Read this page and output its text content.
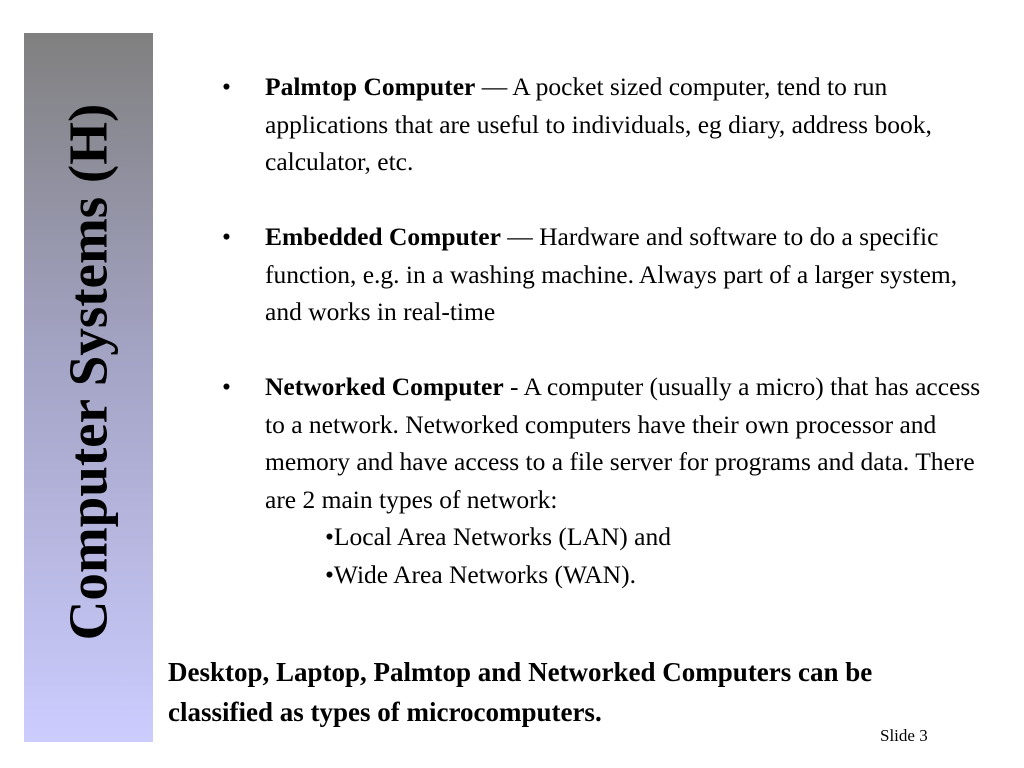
Computer Systems (H)
• Palmtop Computer — A pocket sized computer, tend to run applications that are useful to individuals, eg diary, address book, calculator, etc.
• Embedded Computer — Hardware and software to do a specific function, e.g. in a washing machine. Always part of a larger system, and works in real-time
• Networked Computer - A computer (usually a micro) that has access to a network. Networked computers have their own processor and memory and have access to a file server for programs and data. There are 2 main types of network:
•Local Area Networks (LAN) and
•Wide Area Networks (WAN).
Desktop, Laptop, Palmtop and Networked Computers can be classified as types of microcomputers.
Slide 3
